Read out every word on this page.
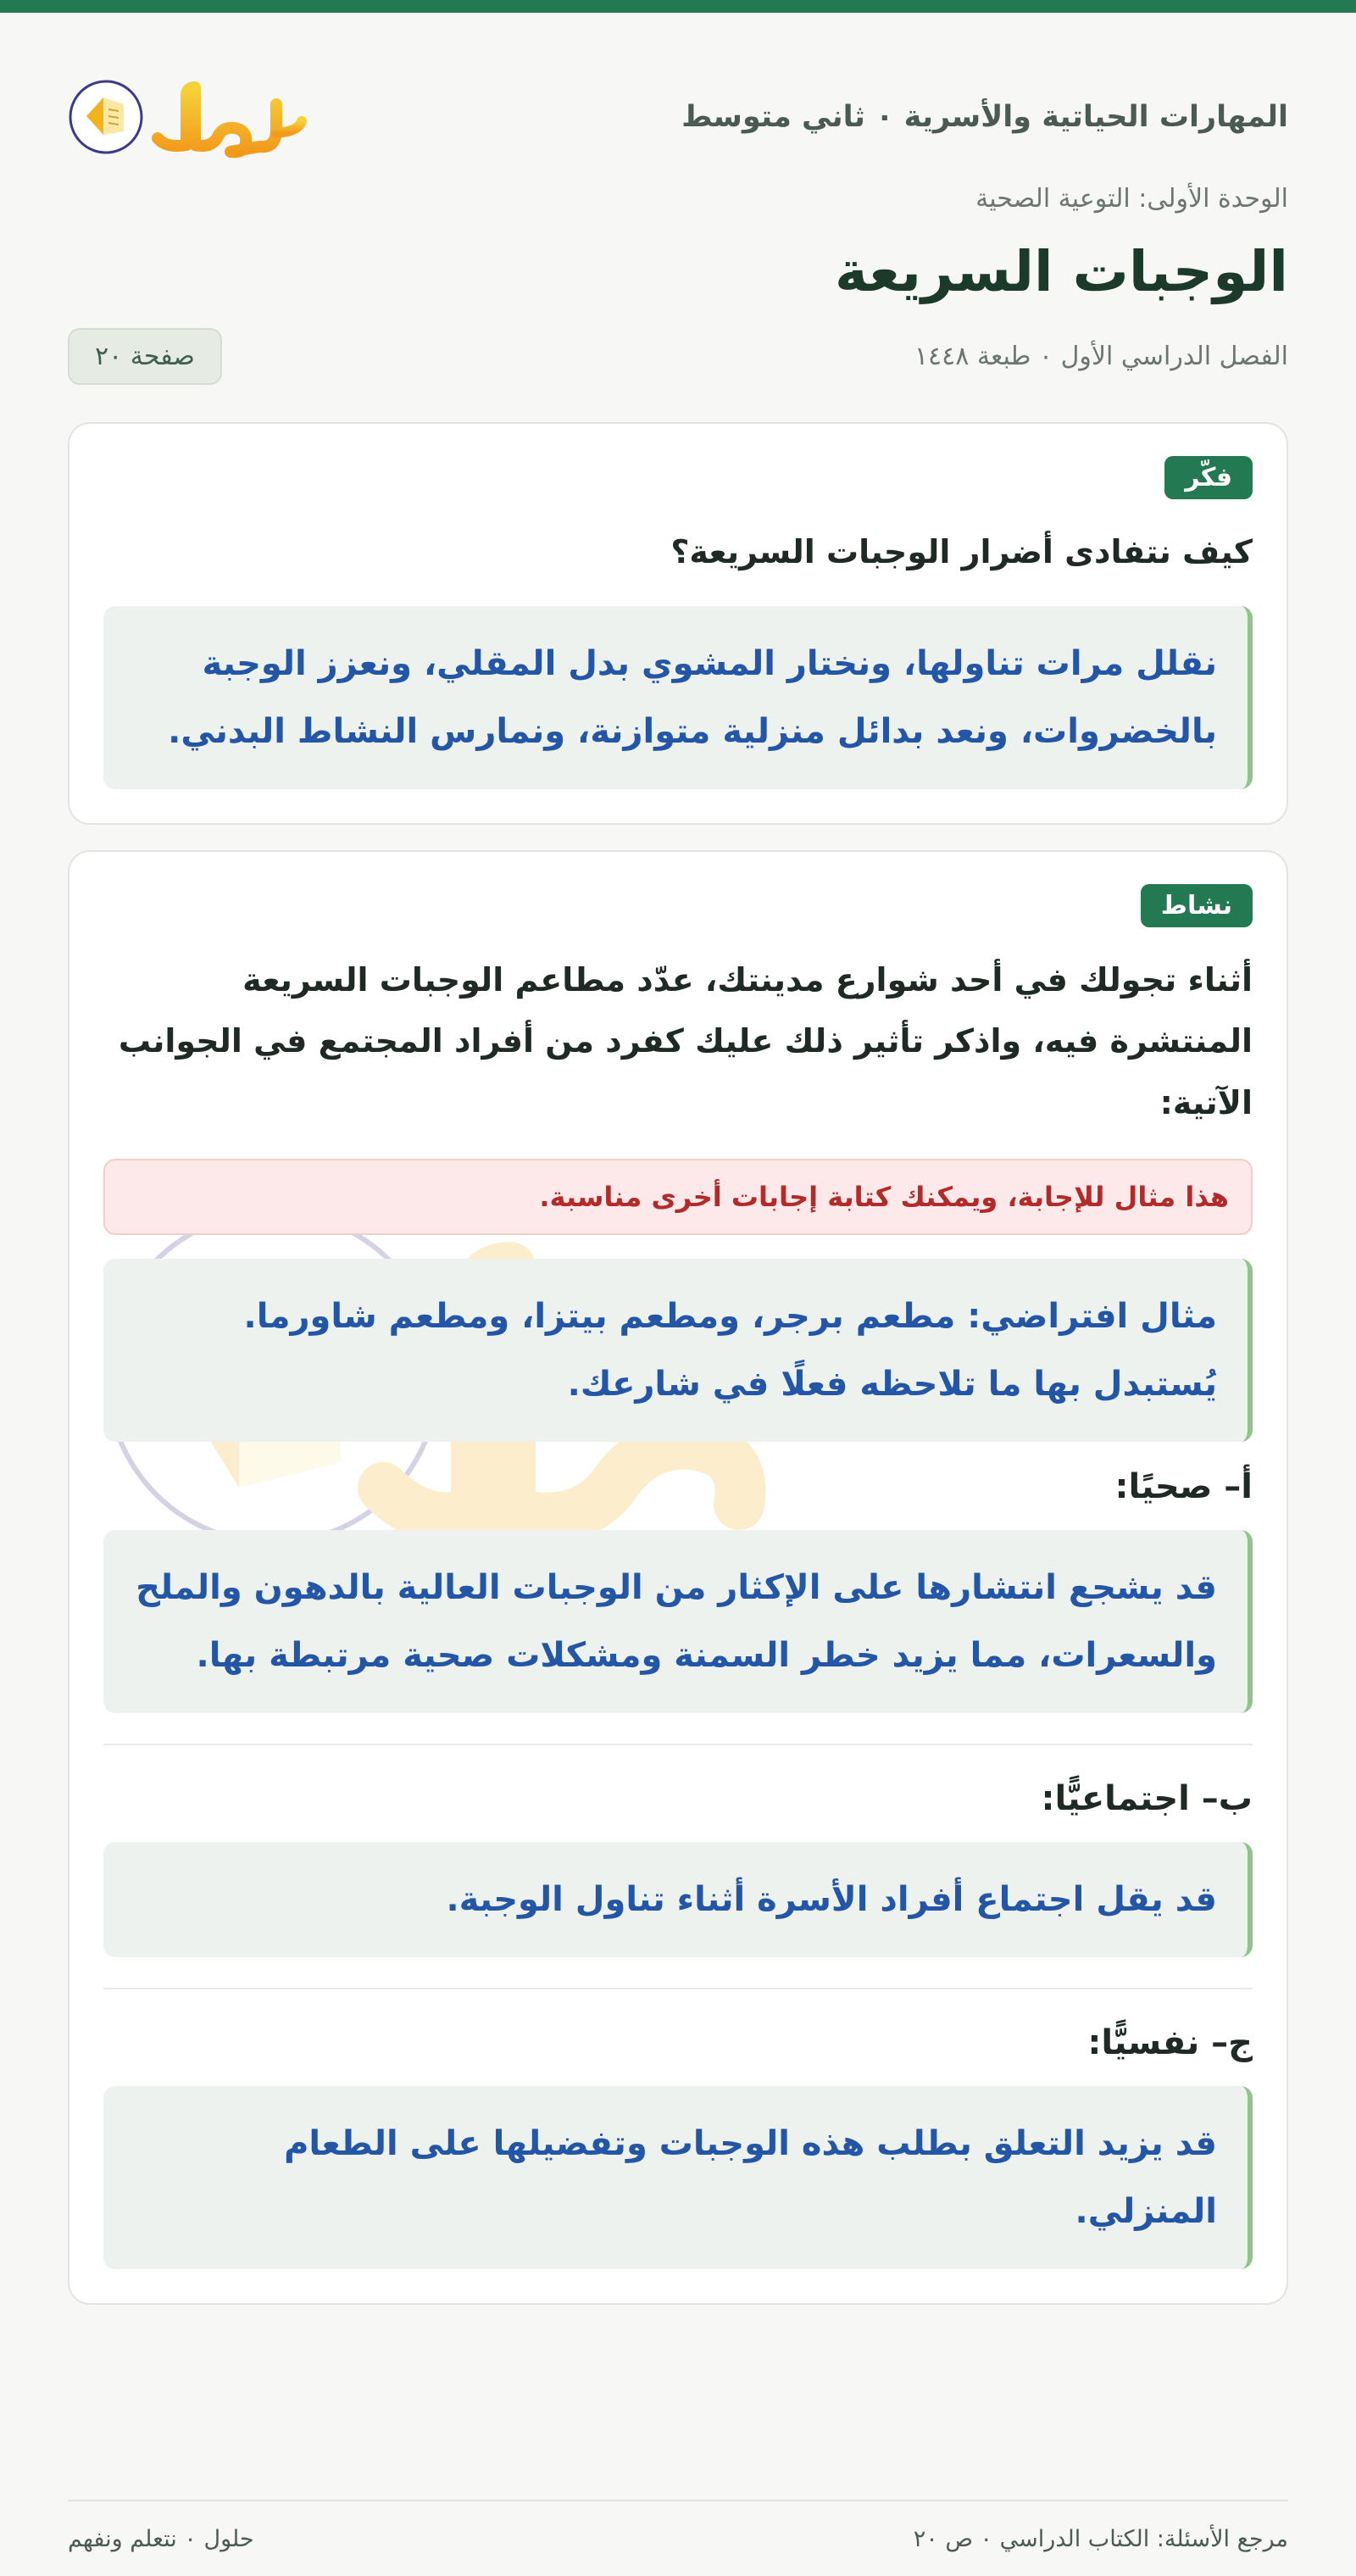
المهارات الحياتية والأسرية ٠ ثاني متوسط
الوحدة الأولى: التوعية الصحية
الوجبات السريعة
الفصل الدراسي الأول ٠ طبعة ١٤٤٨
صفحة ٢٠
فكّر
كيف نتفادى أضرار الوجبات السريعة؟
نقلل مرات تناولها، ونختار المشوي بدل المقلي، ونعزز الوجبة بالخضروات، ونعد بدائل منزلية متوازنة، ونمارس النشاط البدني.
نشاط
أثناء تجولك في أحد شوارع مدينتك، عدّد مطاعم الوجبات السريعة المنتشرة فيه، واذكر تأثير ذلك عليك كفرد من أفراد المجتمع في الجوانب الآتية:
هذا مثال للإجابة، ويمكنك كتابة إجابات أخرى مناسبة.
مثال افتراضي: مطعم برجر، ومطعم بيتزا، ومطعم شاورما. يُستبدل بها ما تلاحظه فعلًا في شارعك.
أ– صحيًا:
قد يشجع انتشارها على الإكثار من الوجبات العالية بالدهون والملح والسعرات، مما يزيد خطر السمنة ومشكلات صحية مرتبطة بها.
ب– اجتماعيًّا:
قد يقل اجتماع أفراد الأسرة أثناء تناول الوجبة.
ج– نفسيًّا:
قد يزيد التعلق بطلب هذه الوجبات وتفضيلها على الطعام المنزلي.
مرجع الأسئلة: الكتاب الدراسي ٠ ص ٢٠
حلول ٠ نتعلم ونفهم
